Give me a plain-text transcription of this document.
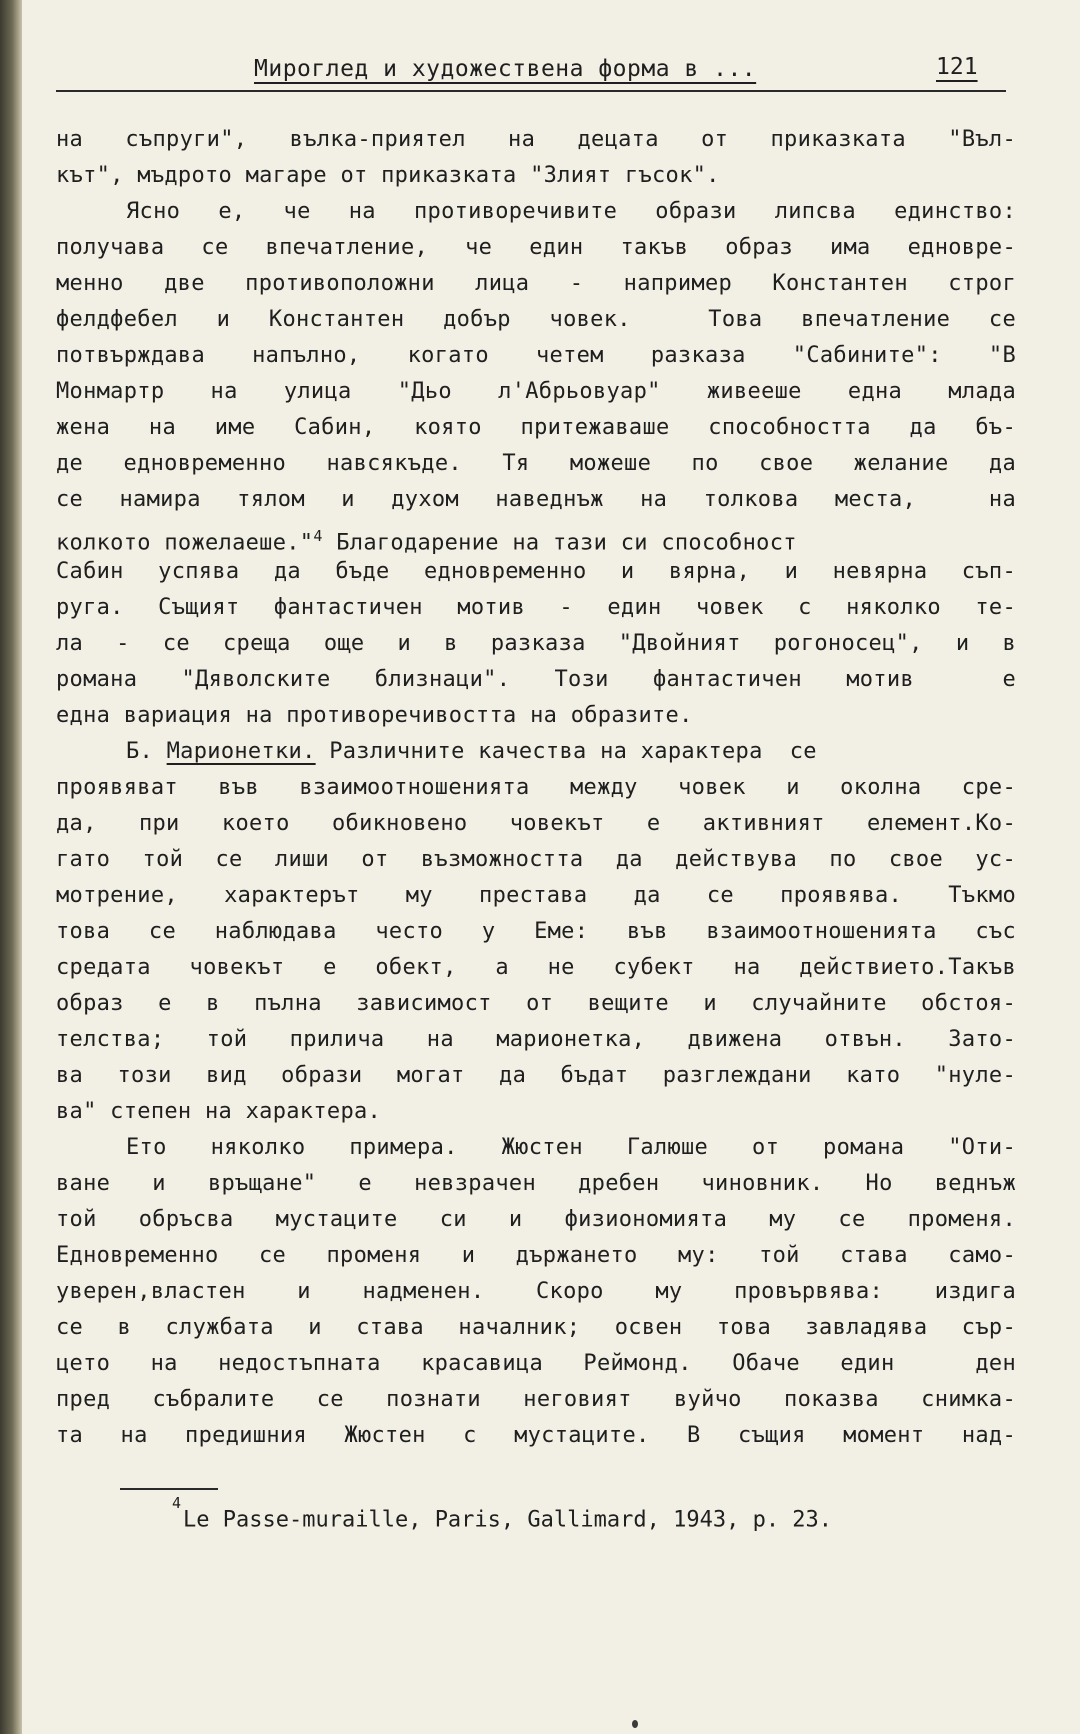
Мироглед и художествена форма в ...	121
на съпруги", вълка-приятел на децата от приказката "Въл-
кът", мъдрото магаре от приказката "Злият гъсок".
Ясно е, че на противоречивите образи липсва единство:
получава се впечатление, че един такъв образ има едновре-
менно две противоположни лица - например Константен строг
фелдфебел и Константен добър човек.  Това впечатление се
потвърждава напълно, когато четем разказа "Сабините": "В
Монмартр на улица "Дьо л'Абрьовуар" живееше една млада
жена на име Сабин, която притежаваше способността да бъ-
де едновременно навсякъде. Тя можеше по свое желание да
се намира тялом и духом наведнъж на толкова места,  на
колкото пожелаеше."$^4$ Благодарение на тази си способност
Сабин успява да бъде едновременно и вярна, и невярна съп-
руга. Същият фантастичен мотив - един човек с няколко те-
ла - се среща още и в разказа "Двойният рогоносец", и в
романа "Дяволските близнаци". Този фантастичен мотив  е
една вариация на противоречивостта на образите.
Б. Марионетки. Различните качества на характера  се
проявяват във взаимоотношенията между човек и околна сре-
да, при което обикновено човекът е активният елемент.Ко-
гато той се лиши от възможността да действува по свое ус-
мотрение, характерът му престава да се проявява. Тъкмо
това се наблюдава често у Еме: във взаимоотношенията със
средата човекът е обект, а не субект на действието.Такъв
образ е в пълна зависимост от вещите и случайните обстоя-
телства; той прилича на марионетка, движена отвън. Зато-
ва този вид образи могат да бъдат разглеждани като "нуле-
ва" степен на характера.
Ето няколко примера. Жюстен Галюше от романа "Оти-
ване и връщане" е невзрачен дребен чиновник. Но веднъж
той обръсва мустаците си и физиономията му се променя.
Едновременно се променя и държането му: той става само-
уверен,властен и надменен. Скоро му провървява: издига
се в службата и става началник; освен това завладява сър-
цето на недостъпната красавица Реймонд. Обаче един  ден
пред събралите се познати неговият вуйчо показва снимка-
та на предишния Жюстен с мустаците. В същия момент над-
$^4$Le Passe-muraille, Paris, Gallimard, 1943, p. 23.
